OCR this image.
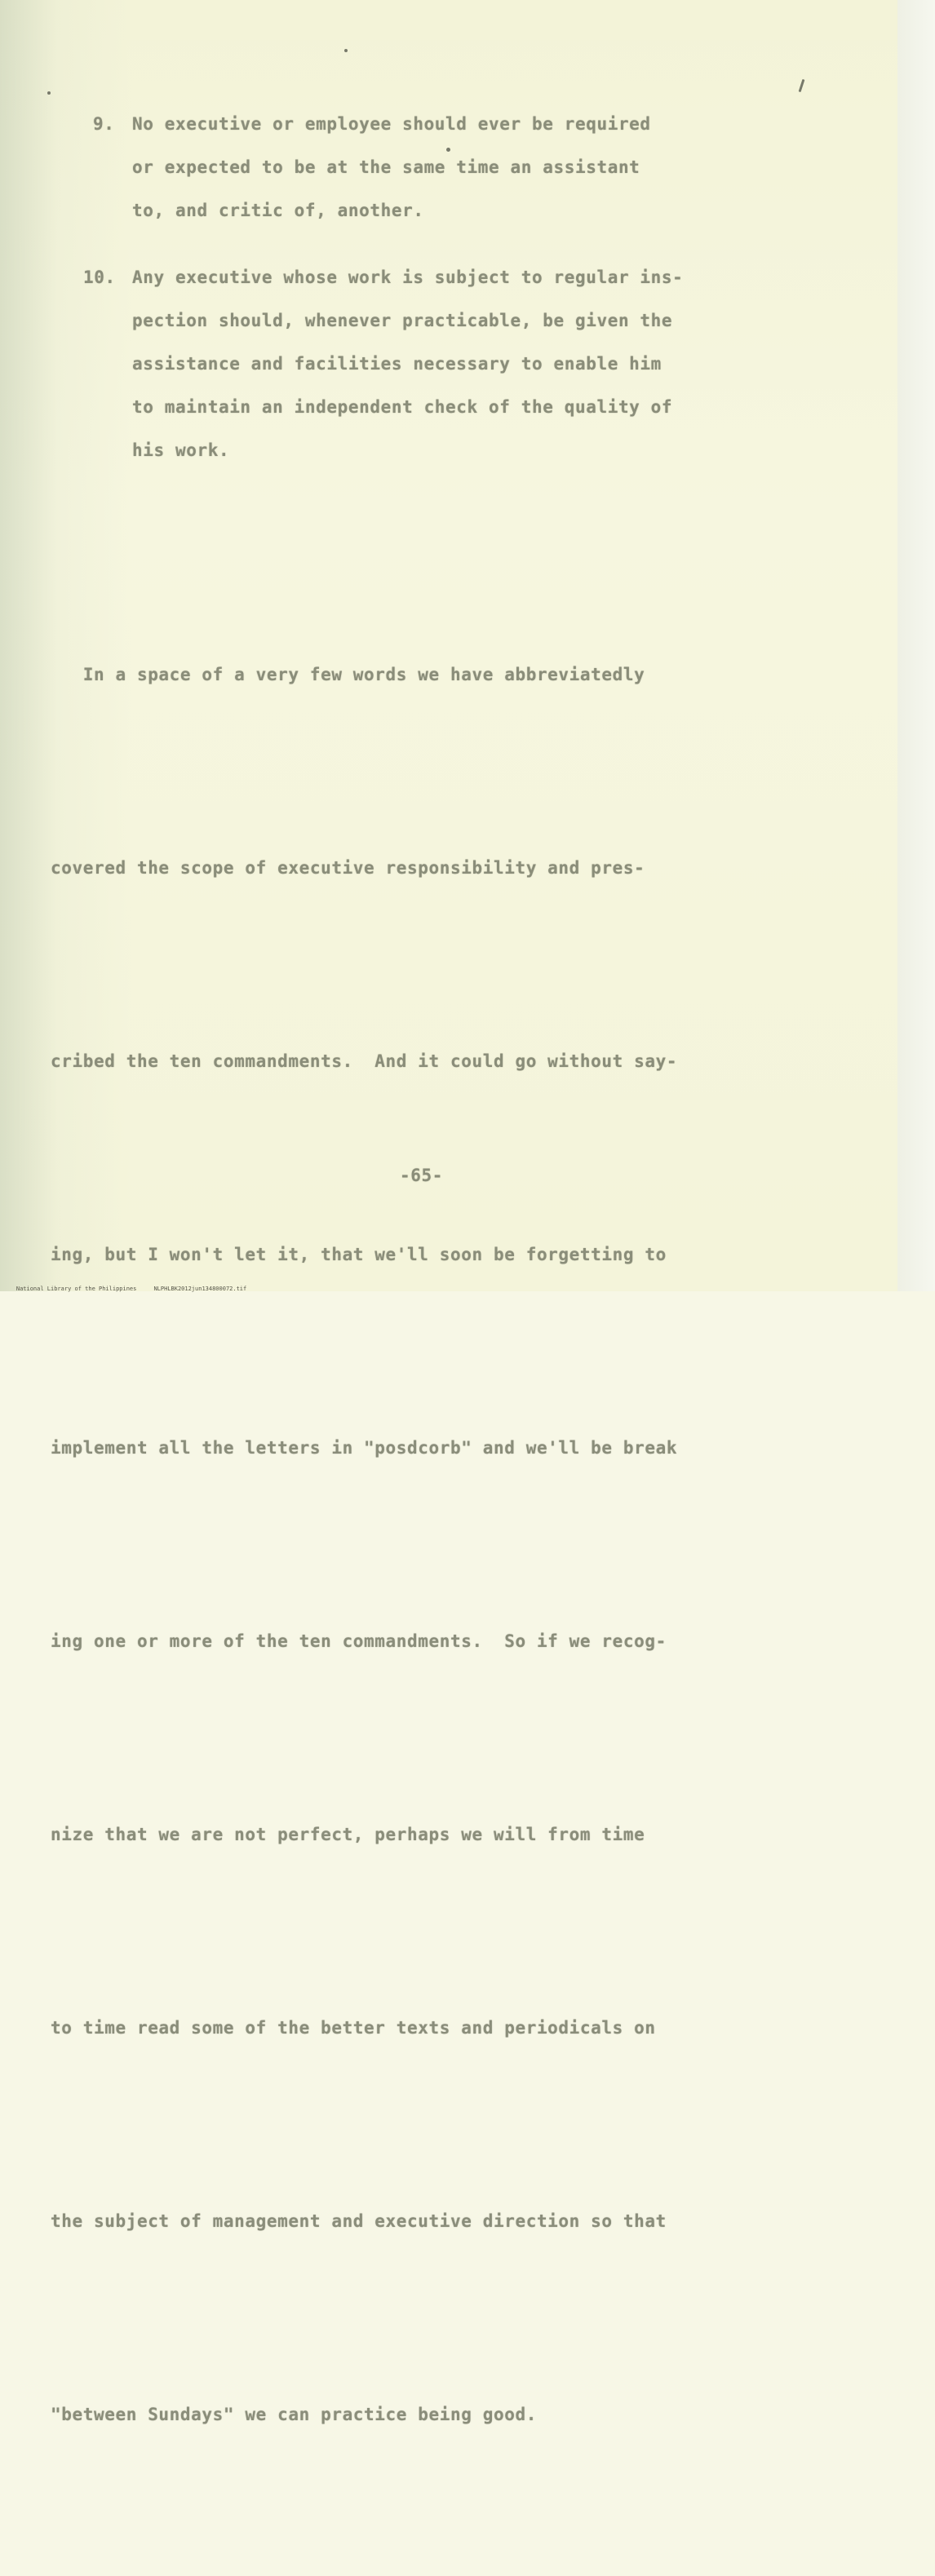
9. No executive or employee should ever be required
or expected to be at the same time an assistant
to, and critic of, another.
10. Any executive whose work is subject to regular ins-
pection should, whenever practicable, be given the
assistance and facilities necessary to enable him
to maintain an independent check of the quality of
his work.

In a space of a very few words we have abbreviatedly

covered the scope of executive responsibility and pres-

cribed the ten commandments.  And it could go without say-

ing, but I won't let it, that we'll soon be forgetting to

implement all the letters in "posdcorb" and we'll be break

ing one or more of the ten commandments.  So if we recog-

nize that we are not perfect, perhaps we will from time

to time read some of the better texts and periodicals on

the subject of management and executive direction so that

"between Sundays" we can practice being good.

-65-

National Library of the Philippines	NLPHLBK2012jun134800072.tif
